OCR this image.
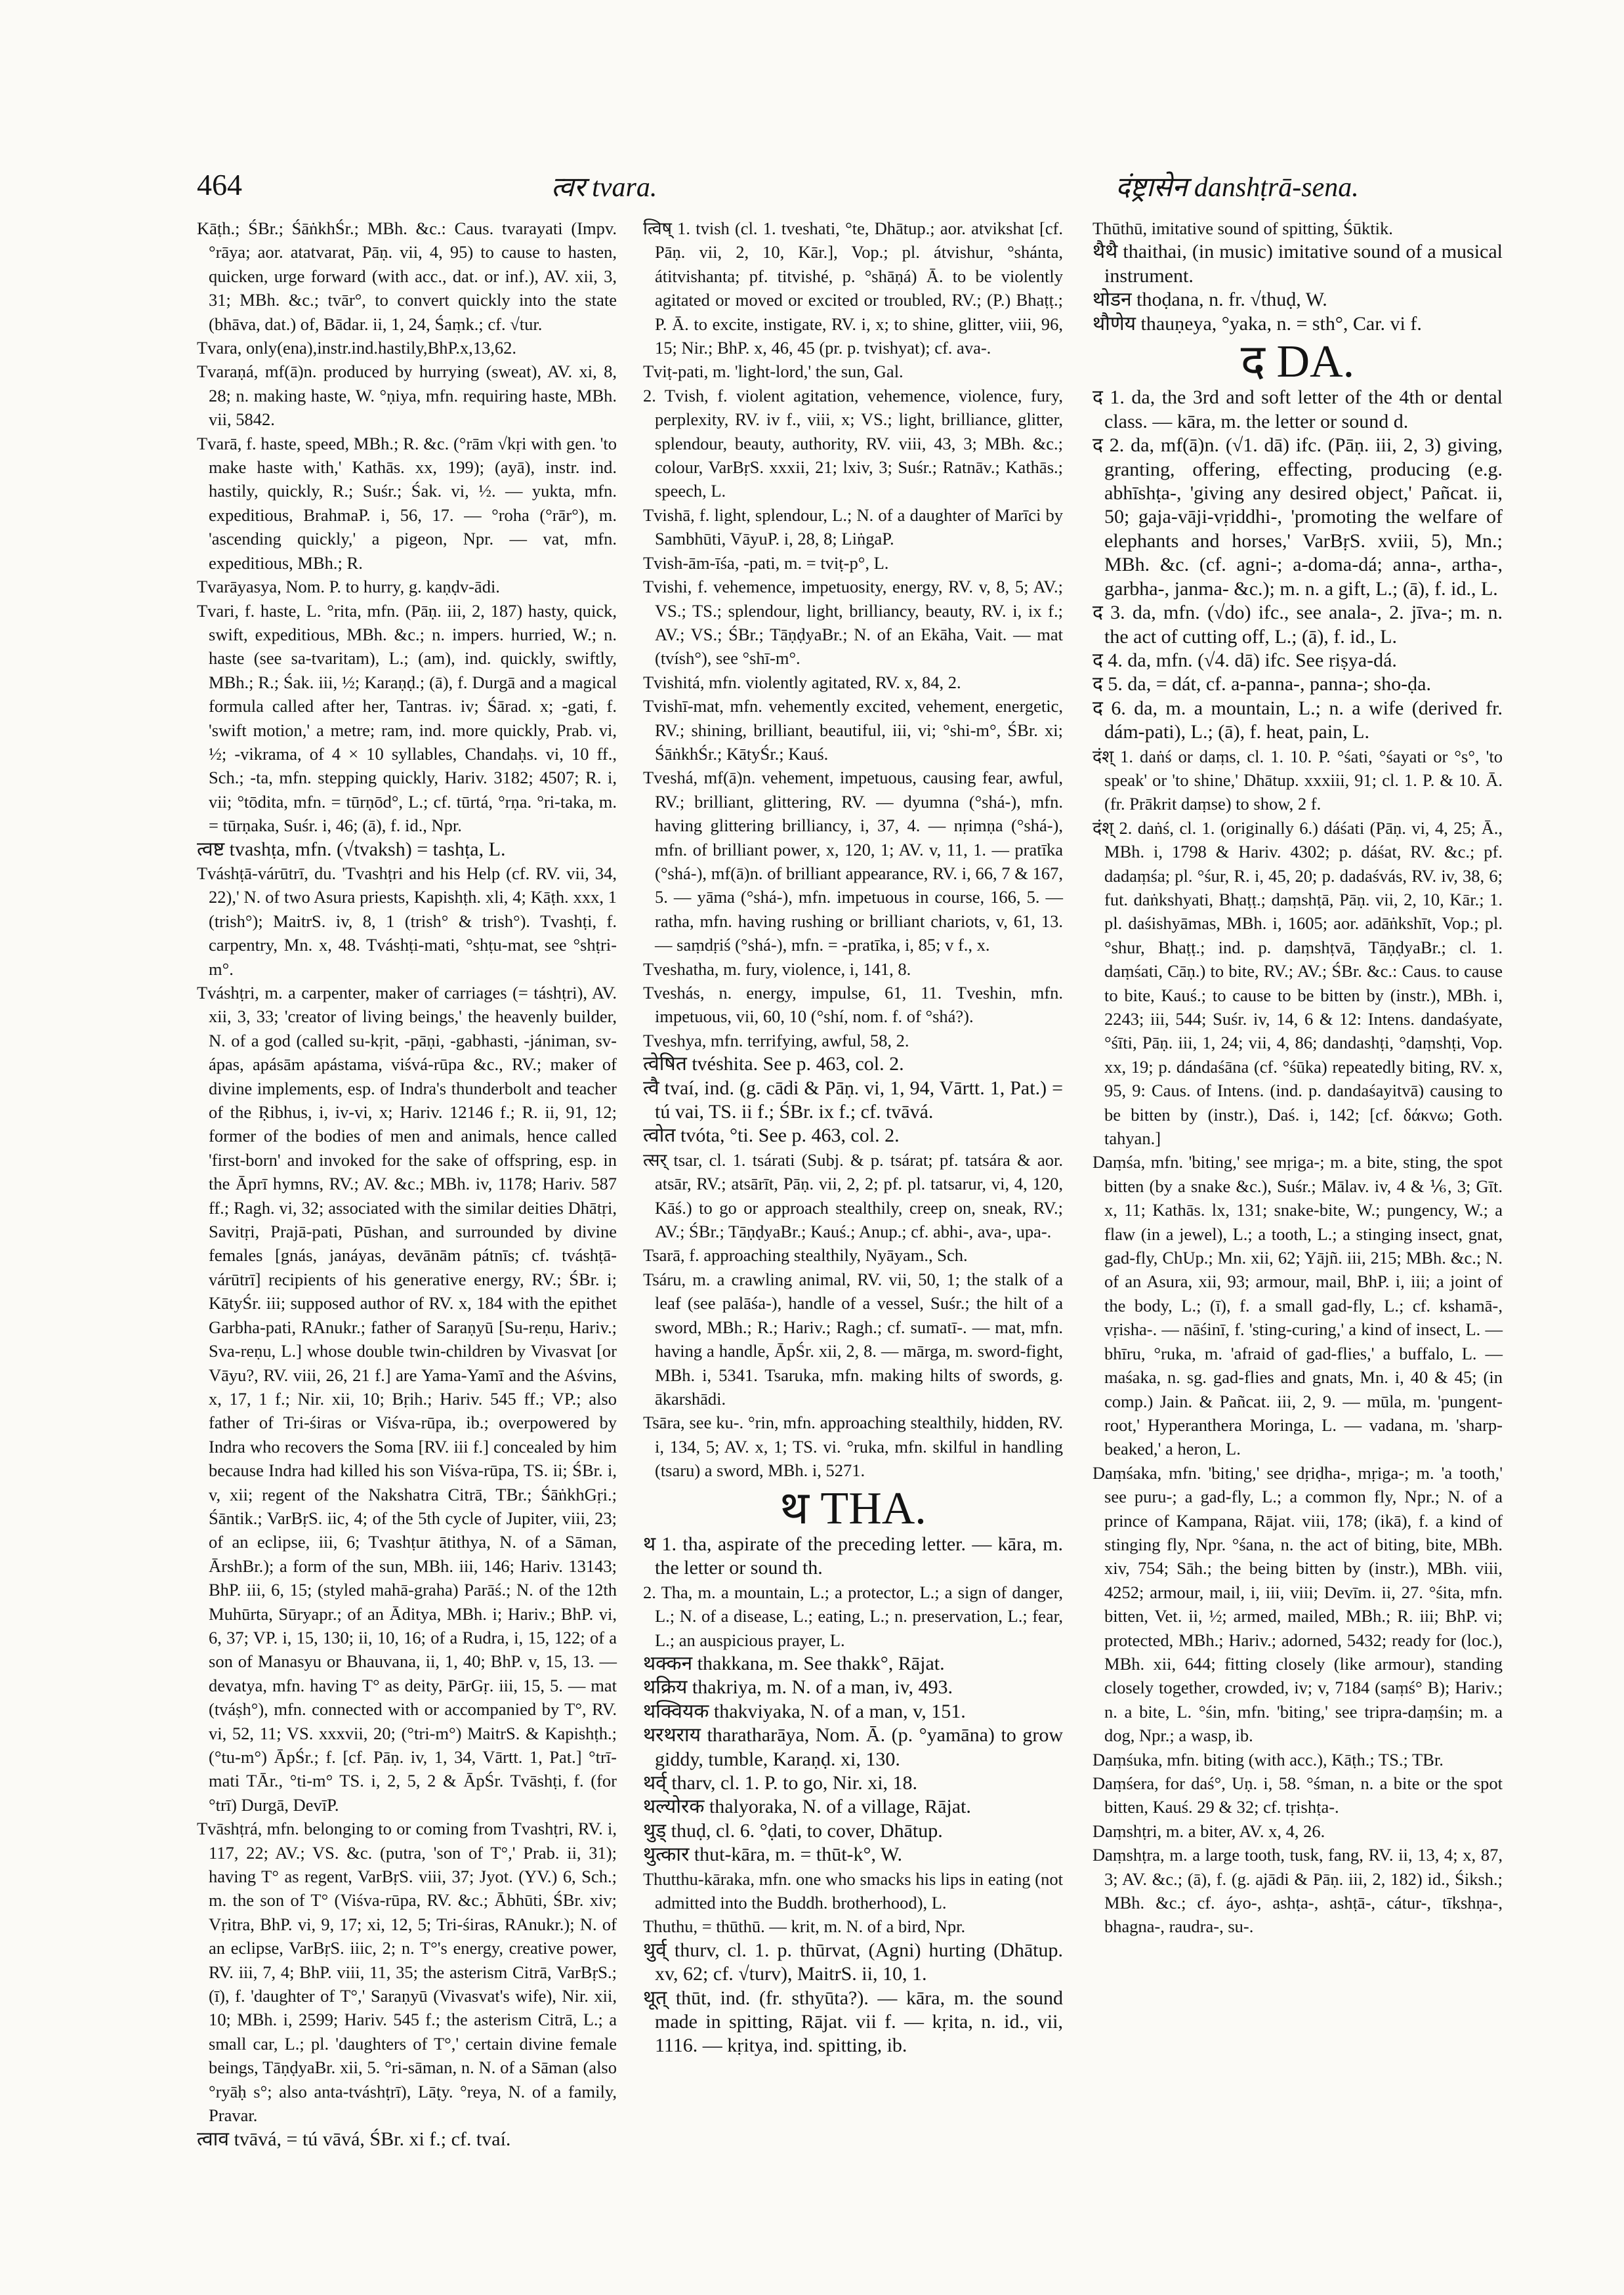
464	त्वर tvara.	दंष्ट्रासेन danshṭrā-sena.

Kāṭh.; ŚBr.; ŚāṅkhŚr.; MBh. &c.: Caus. tvarayati (Impv. °rāya; aor. atatvarat, Pāṇ. vii, 4, 95) to cause to hasten, quicken, urge forward (with acc., dat. or inf.), AV. xii, 3, 31; MBh. &c.; tvār°, to convert quickly into the state (bhāva, dat.) of, Bādar. ii, 1, 24, Śaṃk.; cf. √tur.

Tvara, only(ena),instr.ind.hastily,BhP.x,13,62.

Tvaraṇá, mf(ā)n. produced by hurrying (sweat), AV. xi, 8, 28; n. making haste, W. °ṇiya, mfn. requiring haste, MBh. vii, 5842.

Tvarā, f. haste, speed, MBh.; R. &c. (°rām √kṛi with gen. 'to make haste with,' Kathās. xx, 199); (ayā), instr. ind. hastily, quickly, R.; Suśr.; Śak. vi, ½. — yukta, mfn. expeditious, BrahmaP. i, 56, 17. — °roha (°rār°), m. 'ascending quickly,' a pigeon, Npr. — vat, mfn. expeditious, MBh.; R.

Tvarāyasya, Nom. P. to hurry, g. kaṇḍv-ādi.

Tvari, f. haste, L. °rita, mfn. (Pāṇ. iii, 2, 187) hasty, quick, swift, expeditious, MBh. &c.; n. impers. hurried, W.; n. haste (see sa-tvaritam), L.; (am), ind. quickly, swiftly, MBh.; R.; Śak. iii, ½; Karaṇḍ.; (ā), f. Durgā and a magical formula called after her, Tantras. iv; Śārad. x; -gati, f. 'swift motion,' a metre; ram, ind. more quickly, Prab. vi, ½; -vikrama, of 4 × 10 syllables, Chandaḥs. vi, 10 ff., Sch.; -ta, mfn. stepping quickly, Hariv. 3182; 4507; R. i, vii; °tōdita, mfn. = tūrṇōd°, L.; cf. tūrtá, °rṇa. °ri-taka, m. = tūrṇaka, Suśr. i, 46; (ā), f. id., Npr.

त्वष्ट tvashṭa, mfn. (√tvaksh) = tashṭa, L.

Tváshṭā-várūtrī, du. 'Tvashṭri and his Help (cf. RV. vii, 34, 22),' N. of two Asura priests, Kapishṭh. xli, 4; Kāṭh. xxx, 1 (trish°); MaitrS. iv, 8, 1 (trish° & trish°). Tvashṭi, f. carpentry, Mn. x, 48. Tváshṭi-mati, °shṭu-mat, see °shṭri-m°.

Tváshṭri, m. a carpenter, maker of carriages (= táshṭri), AV. xii, 3, 33; 'creator of living beings,' the heavenly builder, N. of a god (called su-kṛit, -pāṇi, -gabhasti, -jániman, sv-ápas, apásām apástama, viśvá-rūpa &c., RV.; maker of divine implements, esp. of Indra's thunderbolt and teacher of the Ṛibhus, i, iv-vi, x; Hariv. 12146 f.; R. ii, 91, 12; former of the bodies of men and animals, hence called 'first-born' and invoked for the sake of offspring, esp. in the Āprī hymns, RV.; AV. &c.; MBh. iv, 1178; Hariv. 587 ff.; Ragh. vi, 32; associated with the similar deities Dhātṛi, Savitṛi, Prajā-pati, Pūshan, and surrounded by divine females [gnás, janáyas, devānām pátnīs; cf. tváshṭā-várūtrī] recipients of his generative energy, RV.; ŚBr. i; KātyŚr. iii; supposed author of RV. x, 184 with the epithet Garbha-pati, RAnukr.; father of Saraṇyū [Su-reṇu, Hariv.; Sva-reṇu, L.] whose double twin-children by Vivasvat [or Vāyu?, RV. viii, 26, 21 f.] are Yama-Yamī and the Aśvins, x, 17, 1 f.; Nir. xii, 10; Bṛih.; Hariv. 545 ff.; VP.; also father of Tri-śiras or Viśva-rūpa, ib.; overpowered by Indra who recovers the Soma [RV. iii f.] concealed by him because Indra had killed his son Viśva-rūpa, TS. ii; ŚBr. i, v, xii; regent of the Nakshatra Citrā, TBr.; ŚāṅkhGṛi.; Śāntik.; VarBṛS. iic, 4; of the 5th cycle of Jupiter, viii, 23; of an eclipse, iii, 6; Tvashṭur ātithya, N. of a Sāman, ĀrshBr.); a form of the sun, MBh. iii, 146; Hariv. 13143; BhP. iii, 6, 15; (styled mahā-graha) Parāś.; N. of the 12th Muhūrta, Sūryapr.; of an Āditya, MBh. i; Hariv.; BhP. vi, 6, 37; VP. i, 15, 130; ii, 10, 16; of a Rudra, i, 15, 122; of a son of Manasyu or Bhauvana, ii, 1, 40; BhP. v, 15, 13. — devatya, mfn. having T° as deity, PārGṛ. iii, 15, 5. — mat (tváṣh°), mfn. connected with or accompanied by T°, RV. vi, 52, 11; VS. xxxvii, 20; (°tri-m°) MaitrS. & Kapishṭh.; (°tu-m°) ĀpŚr.; f. [cf. Pāṇ. iv, 1, 34, Vārtt. 1, Pat.] °trī-mati TĀr., °ti-m° TS. i, 2, 5, 2 & ĀpŚr. Tvāshṭi, f. (for °trī) Durgā, DevīP.

Tvāshṭrá, mfn. belonging to or coming from Tvashṭri, RV. i, 117, 22; AV.; VS. &c. (putra, 'son of T°,' Prab. ii, 31); having T° as regent, VarBṛS. viii, 37; Jyot. (YV.) 6, Sch.; m. the son of T° (Viśva-rūpa, RV. &c.; Ābhūti, ŚBr. xiv; Vṛitra, BhP. vi, 9, 17; xi, 12, 5; Tri-śiras, RAnukr.); N. of an eclipse, VarBṛS. iiic, 2; n. T°'s energy, creative power, RV. iii, 7, 4; BhP. viii, 11, 35; the asterism Citrā, VarBṛS.; (ī), f. 'daughter of T°,' Saraṇyū (Vivasvat's wife), Nir. xii, 10; MBh. i, 2599; Hariv. 545 f.; the asterism Citrā, L.; a small car, L.; pl. 'daughters of T°,' certain divine female beings, TāṇḍyaBr. xii, 5. °ri-sāman, n. N. of a Sāman (also °ryāḥ s°; also anta-tváshṭrī), Lāṭy. °reya, N. of a family, Pravar.

त्वाव tvāvá, = tú vāvá, ŚBr. xi f.; cf. tvaí.

त्विष् 1. tvish (cl. 1. tveshati, °te, Dhātup.; aor. atvikshat [cf. Pāṇ. vii, 2, 10, Kār.], Vop.; pl. átvishur, °shánta, átitvishanta; pf. titvishé, p. °shāṇá) Ā. to be violently agitated or moved or excited or troubled, RV.; (P.) Bhaṭṭ.; P. Ā. to excite, instigate, RV. i, x; to shine, glitter, viii, 96, 15; Nir.; BhP. x, 46, 45 (pr. p. tvishyat); cf. ava-.

Tviṭ-pati, m. 'light-lord,' the sun, Gal.

2. Tvish, f. violent agitation, vehemence, violence, fury, perplexity, RV. iv f., viii, x; VS.; light, brilliance, glitter, splendour, beauty, authority, RV. viii, 43, 3; MBh. &c.; colour, VarBṛS. xxxii, 21; lxiv, 3; Suśr.; Ratnāv.; Kathās.; speech, L.

Tvishā, f. light, splendour, L.; N. of a daughter of Marīci by Sambhūti, VāyuP. i, 28, 8; LiṅgaP.

Tvish-ām-īśa, -pati, m. = tviṭ-p°, L.

Tvishi, f. vehemence, impetuosity, energy, RV. v, 8, 5; AV.; VS.; TS.; splendour, light, brilliancy, beauty, RV. i, ix f.; AV.; VS.; ŚBr.; TāṇḍyaBr.; N. of an Ekāha, Vait. — mat (tvísh°), see °shī-m°.

Tvishitá, mfn. violently agitated, RV. x, 84, 2.

Tvishī-mat, mfn. vehemently excited, vehement, energetic, RV.; shining, brilliant, beautiful, iii, vi; °shi-m°, ŚBr. xi; ŚāṅkhŚr.; KātyŚr.; Kauś.

Tveshá, mf(ā)n. vehement, impetuous, causing fear, awful, RV.; brilliant, glittering, RV. — dyumna (°shá-), mfn. having glittering brilliancy, i, 37, 4. — nṛimṇa (°shá-), mfn. of brilliant power, x, 120, 1; AV. v, 11, 1. — pratīka (°shá-), mf(ā)n. of brilliant appearance, RV. i, 66, 7 & 167, 5. — yāma (°shá-), mfn. impetuous in course, 166, 5. — ratha, mfn. having rushing or brilliant chariots, v, 61, 13. — saṃdṛiś (°shá-), mfn. = -pratīka, i, 85; v f., x.

Tveshatha, m. fury, violence, i, 141, 8.

Tveshás, n. energy, impulse, 61, 11. Tveshin, mfn. impetuous, vii, 60, 10 (°shí, nom. f. of °shá?).

Tveshya, mfn. terrifying, awful, 58, 2.

त्वेषित tvéshita. See p. 463, col. 2.

त्वै tvaí, ind. (g. cādi & Pāṇ. vi, 1, 94, Vārtt. 1, Pat.) = tú vai, TS. ii f.; ŚBr. ix f.; cf. tvāvá.

त्वोत tvóta, °ti. See p. 463, col. 2.

त्सर् tsar, cl. 1. tsárati (Subj. & p. tsárat; pf. tatsára & aor. atsār, RV.; atsārīt, Pāṇ. vii, 2, 2; pf. pl. tatsarur, vi, 4, 120, Kāś.) to go or approach stealthily, creep on, sneak, RV.; AV.; ŚBr.; TāṇḍyaBr.; Kauś.; Anup.; cf. abhi-, ava-, upa-.

Tsarā, f. approaching stealthily, Nyāyam., Sch.

Tsáru, m. a crawling animal, RV. vii, 50, 1; the stalk of a leaf (see palāśa-), handle of a vessel, Suśr.; the hilt of a sword, MBh.; R.; Hariv.; Ragh.; cf. sumatī-. — mat, mfn. having a handle, ĀpŚr. xii, 2, 8. — mārga, m. sword-fight, MBh. i, 5341. Tsaruka, mfn. making hilts of swords, g. ākarshādi.

Tsāra, see ku-. °rin, mfn. approaching stealthily, hidden, RV. i, 134, 5; AV. x, 1; TS. vi. °ruka, mfn. skilful in handling (tsaru) a sword, MBh. i, 5271.

थ THA.

थ 1. tha, aspirate of the preceding letter. — kāra, m. the letter or sound th.

2. Tha, m. a mountain, L.; a protector, L.; a sign of danger, L.; N. of a disease, L.; eating, L.; n. preservation, L.; fear, L.; an auspicious prayer, L.

थक्कन thakkana, m. See thakk°, Rājat.

थक्रिय thakriya, m. N. of a man, iv, 493.

थक्वियक thakviyaka, N. of a man, v, 151.

थरथराय tharatharāya, Nom. Ā. (p. °yamāna) to grow giddy, tumble, Karaṇḍ. xi, 130.

थर्व् tharv, cl. 1. P. to go, Nir. xi, 18.

थल्योरक thalyoraka, N. of a village, Rājat.

थुड् thuḍ, cl. 6. °ḍati, to cover, Dhātup.

थुत्कार thut-kāra, m. = thūt-k°, W.

Thutthu-kāraka, mfn. one who smacks his lips in eating (not admitted into the Buddh. brotherhood), L.

Thuthu, = thūthū. — krit, m. N. of a bird, Npr.

थुर्व् thurv, cl. 1. p. thūrvat, (Agni) hurting (Dhātup. xv, 62; cf. √turv), MaitrS. ii, 10, 1.

थूत् thūt, ind. (fr. sthyūta?). — kāra, m. the sound made in spitting, Rājat. vii f. — kṛita, n. id., vii, 1116. — kṛitya, ind. spitting, ib.

Thūthū, imitative sound of spitting, Śūktik.

थैथै thaithai, (in music) imitative sound of a musical instrument.

थोडन thoḍana, n. fr. √thuḍ, W.

थौणेय thauṇeya, °yaka, n. = sth°, Car. vi f.

द DA.

द 1. da, the 3rd and soft letter of the 4th or dental class. — kāra, m. the letter or sound d.

द 2. da, mf(ā)n. (√1. dā) ifc. (Pāṇ. iii, 2, 3) giving, granting, offering, effecting, producing (e.g. abhīshṭa-, 'giving any desired object,' Pañcat. ii, 50; gaja-vāji-vṛiddhi-, 'promoting the welfare of elephants and horses,' VarBṛS. xviii, 5), Mn.; MBh. &c. (cf. agni-; a-doma-dá; anna-, artha-, garbha-, janma- &c.); m. n. a gift, L.; (ā), f. id., L.

द 3. da, mfn. (√do) ifc., see anala-, 2. jīva-; m. n. the act of cutting off, L.; (ā), f. id., L.

द 4. da, mfn. (√4. dā) ifc. See riṣya-dá.

द 5. da, = dát, cf. a-panna-, panna-; sho-ḍa.

द 6. da, m. a mountain, L.; n. a wife (derived fr. dám-pati), L.; (ā), f. heat, pain, L.

दंश् 1. daṅś or daṃs, cl. 1. 10. P. °śati, °śayati or °s°, 'to speak' or 'to shine,' Dhātup. xxxiii, 91; cl. 1. P. & 10. Ā. (fr. Prākrit daṃse) to show, 2 f.

दंश् 2. daṅś, cl. 1. (originally 6.) dáśati (Pāṇ. vi, 4, 25; Ā., MBh. i, 1798 & Hariv. 4302; p. dáśat, RV. &c.; pf. dadaṃśa; pl. °śur, R. i, 45, 20; p. dadaśvás, RV. iv, 38, 6; fut. daṅkshyati, Bhaṭṭ.; daṃshṭā, Pāṇ. vii, 2, 10, Kār.; 1. pl. daśishyāmas, MBh. i, 1605; aor. adāṅkshīt, Vop.; pl. °shur, Bhaṭṭ.; ind. p. daṃshṭvā, TāṇḍyaBr.; cl. 1. daṃśati, Cāṇ.) to bite, RV.; AV.; ŚBr. &c.: Caus. to cause to bite, Kauś.; to cause to be bitten by (instr.), MBh. i, 2243; iii, 544; Suśr. iv, 14, 6 & 12: Intens. dandaśyate, °śīti, Pāṇ. iii, 1, 24; vii, 4, 86; dandashṭi, °daṃshṭi, Vop. xx, 19; p. dándaśāna (cf. °śūka) repeatedly biting, RV. x, 95, 9: Caus. of Intens. (ind. p. dandaśayitvā) causing to be bitten by (instr.), Daś. i, 142; [cf. δάκνω; Goth. tahyan.]

Daṃśa, mfn. 'biting,' see mṛiga-; m. a bite, sting, the spot bitten (by a snake &c.), Suśr.; Mālav. iv, 4 & ⅙, 3; Gīt. x, 11; Kathās. lx, 131; snake-bite, W.; pungency, W.; a flaw (in a jewel), L.; a tooth, L.; a stinging insect, gnat, gad-fly, ChUp.; Mn. xii, 62; Yājñ. iii, 215; MBh. &c.; N. of an Asura, xii, 93; armour, mail, BhP. i, iii; a joint of the body, L.; (ī), f. a small gad-fly, L.; cf. kshamā-, vṛisha-. — nāśinī, f. 'sting-curing,' a kind of insect, L. — bhīru, °ruka, m. 'afraid of gad-flies,' a buffalo, L. — maśaka, n. sg. gad-flies and gnats, Mn. i, 40 & 45; (in comp.) Jain. & Pañcat. iii, 2, 9. — mūla, m. 'pungent-root,' Hyperanthera Moringa, L. — vadana, m. 'sharp-beaked,' a heron, L.

Daṃśaka, mfn. 'biting,' see dṛiḍha-, mṛiga-; m. 'a tooth,' see puru-; a gad-fly, L.; a common fly, Npr.; N. of a prince of Kampana, Rājat. viii, 178; (ikā), f. a kind of stinging fly, Npr. °śana, n. the act of biting, bite, MBh. xiv, 754; Sāh.; the being bitten by (instr.), MBh. viii, 4252; armour, mail, i, iii, viii; Devīm. ii, 27. °śita, mfn. bitten, Vet. ii, ½; armed, mailed, MBh.; R. iii; BhP. vi; protected, MBh.; Hariv.; adorned, 5432; ready for (loc.), MBh. xii, 644; fitting closely (like armour), standing closely together, crowded, iv; v, 7184 (saṃś° B); Hariv.; n. a bite, L. °śin, mfn. 'biting,' see tripra-daṃśin; m. a dog, Npr.; a wasp, ib.

Daṃśuka, mfn. biting (with acc.), Kāṭh.; TS.; TBr.

Daṃśera, for daś°, Uṇ. i, 58. °śman, n. a bite or the spot bitten, Kauś. 29 & 32; cf. tṛishṭa-.

Daṃshṭri, m. a biter, AV. x, 4, 26.

Daṃshṭra, m. a large tooth, tusk, fang, RV. ii, 13, 4; x, 87, 3; AV. &c.; (ā), f. (g. ajādi & Pāṇ. iii, 2, 182) id., Śiksh.; MBh. &c.; cf. áyo-, ashṭa-, ashṭā-, cátur-, tīkshṇa-, bhagna-, raudra-, su-.
